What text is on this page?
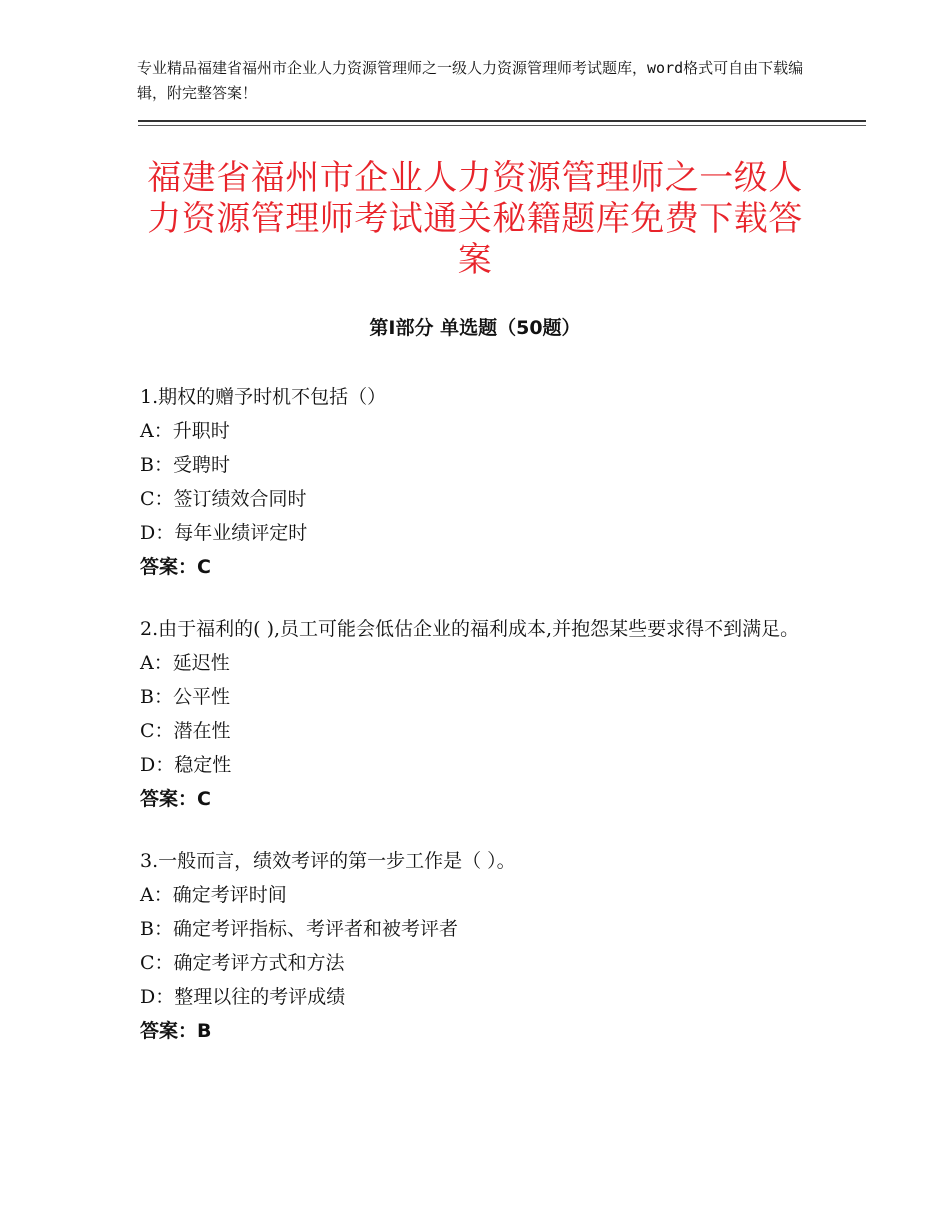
专业精品福建省福州市企业人力资源管理师之一级人力资源管理师考试题库，word格式可自由下载编辑，附完整答案！

福建省福州市企业人力资源管理师之一级人力资源管理师考试通关秘籍题库免费下载答案
第Ⅰ部分 单选题（50题）
1.期权的赠予时机不包括（）
A：升职时
B：受聘时
C：签订绩效合同时
D：每年业绩评定时
答案：C
2.由于福利的( ),员工可能会低估企业的福利成本,并抱怨某些要求得不到满足。
A：延迟性
B：公平性
C：潜在性
D：稳定性
答案：C
3.一般而言，绩效考评的第一步工作是（ ）。
A：确定考评时间
B：确定考评指标、考评者和被考评者
C：确定考评方式和方法
D：整理以往的考评成绩
答案：B
